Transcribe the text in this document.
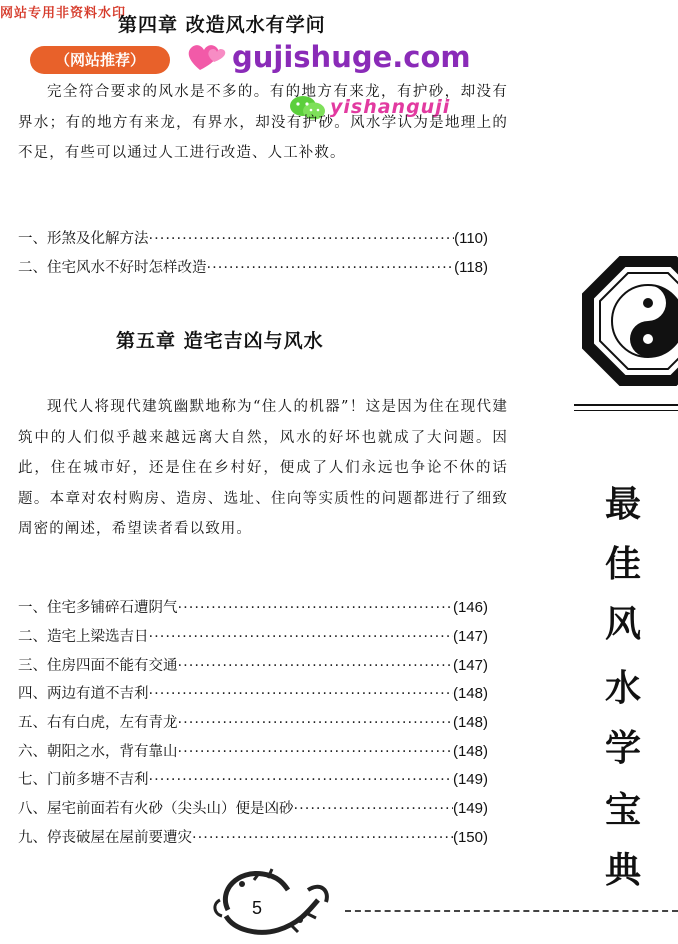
网站专用非资料水印
第四章 改造风水有学问
（网站推荐）	gujishuge.com
yishanguji
完全符合要求的风水是不多的。有的地方有来龙，有护砂，却没有界水；有的地方有来龙，有界水，却没有护砂。风水学认为是地理上的不足，有些可以通过人工进行改造、人工补救。
一、形煞及化解方法 ·····	(110)
二、住宅风水不好时怎样改造 ·····	(118)
第五章 造宅吉凶与风水
现代人将现代建筑幽默地称为“住人的机器”！这是因为住在现代建筑中的人们似乎越来越远离大自然，风水的好坏也就成了大问题。因此，住在城市好，还是住在乡村好，便成了人们永远也争论不休的话题。本章对农村购房、造房、选址、住向等实质性的问题都进行了细致周密的阐述，希望读者看以致用。
一、住宅多铺碎石遭阴气 ·····	(146)
二、造宅上梁选吉日 ·····	(147)
三、住房四面不能有交通 ·····	(147)
四、两边有道不吉利 ·····	(148)
五、右有白虎，左有青龙 ·····	(148)
六、朝阳之水，背有靠山 ·····	(148)
七、门前多塘不吉利 ·····	(149)
八、屋宅前面若有火砂（尖头山）便是凶砂 ·····	(149)
九、停丧破屋在屋前要遭灾 ·····	(150)
最
佳
风
水
学
宝
典
5
